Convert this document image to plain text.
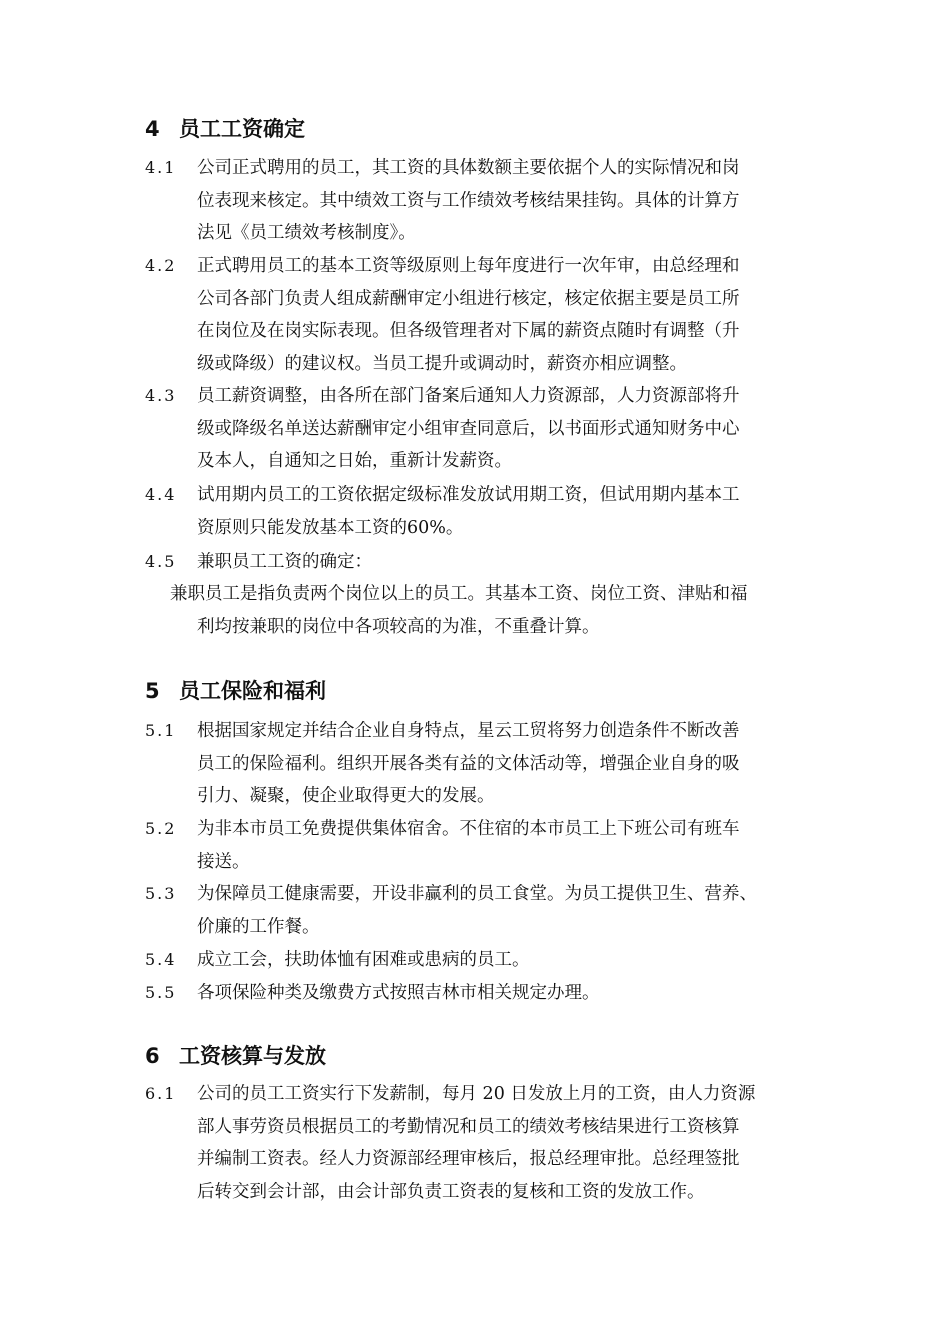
4 员工工资确定
4.1 公司正式聘用的员工，其工资的具体数额主要依据个人的实际情况和岗
位表现来核定。其中绩效工资与工作绩效考核结果挂钩。具体的计算方
法见《员工绩效考核制度》。
4.2 正式聘用员工的基本工资等级原则上每年度进行一次年审，由总经理和
公司各部门负责人组成薪酬审定小组进行核定，核定依据主要是员工所
在岗位及在岗实际表现。但各级管理者对下属的薪资点随时有调整（升
级或降级）的建议权。当员工提升或调动时，薪资亦相应调整。
4.3 员工薪资调整，由各所在部门备案后通知人力资源部，人力资源部将升
级或降级名单送达薪酬审定小组审查同意后，以书面形式通知财务中心
及本人，自通知之日始，重新计发薪资。
4.4 试用期内员工的工资依据定级标准发放试用期工资，但试用期内基本工
资原则只能发放基本工资的60%。
4.5 兼职员工工资的确定：
兼职员工是指负责两个岗位以上的员工。其基本工资、岗位工资、津贴和福
利均按兼职的岗位中各项较高的为准，不重叠计算。
5 员工保险和福利
5.1 根据国家规定并结合企业自身特点，星云工贸将努力创造条件不断改善
员工的保险福利。组织开展各类有益的文体活动等，增强企业自身的吸
引力、凝聚，使企业取得更大的发展。
5.2 为非本市员工免费提供集体宿舍。不住宿的本市员工上下班公司有班车
接送。
5.3 为保障员工健康需要，开设非赢利的员工食堂。为员工提供卫生、营养、
价廉的工作餐。
5.4 成立工会，扶助体恤有困难或患病的员工。
5.5 各项保险种类及缴费方式按照吉林市相关规定办理。
6 工资核算与发放
6.1 公司的员工工资实行下发薪制，每月 20 日发放上月的工资，由人力资源
部人事劳资员根据员工的考勤情况和员工的绩效考核结果进行工资核算
并编制工资表。经人力资源部经理审核后，报总经理审批。总经理签批
后转交到会计部，由会计部负责工资表的复核和工资的发放工作。
